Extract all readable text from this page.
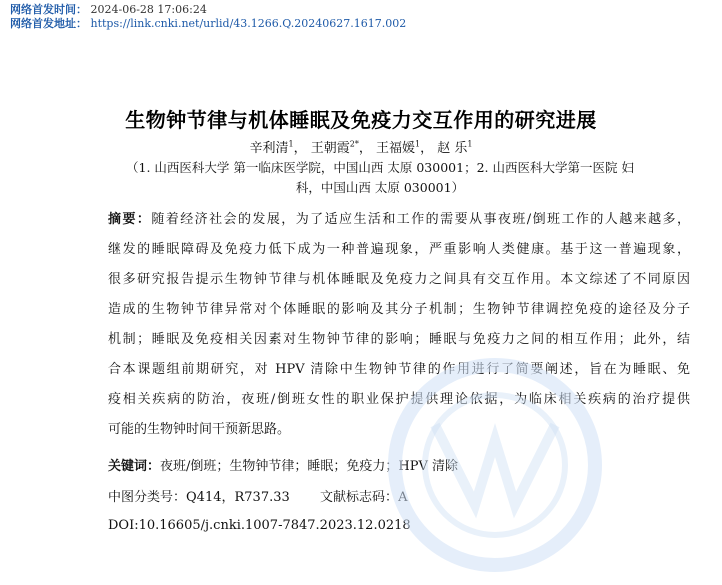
网络首发时间： 2024-06-28 17:06:24
网络首发地址： https://link.cnki.net/urlid/43.1266.Q.20240627.1617.002
生物钟节律与机体睡眠及免疫力交互作用的研究进展
辛利清$^1$， 王朝霞$^{2*}$， 王福媛$^1$， 赵 乐$^1$
（1. 山西医科大学 第一临床医学院，中国山西 太原 030001；2. 山西医科大学第一医院 妇
科，中国山西 太原 030001）
摘要：随着经济社会的发展，为了适应生活和工作的需要从事夜班/倒班工作的人越来越多，
继发的睡眠障碍及免疫力低下成为一种普遍现象，严重影响人类健康。基于这一普遍现象，
很多研究报告提示生物钟节律与机体睡眠及免疫力之间具有交互作用。本文综述了不同原因
造成的生物钟节律异常对个体睡眠的影响及其分子机制；生物钟节律调控免疫的途径及分子
机制；睡眠及免疫相关因素对生物钟节律的影响；睡眠与免疫力之间的相互作用；此外，结
合本课题组前期研究，对 HPV 清除中生物钟节律的作用进行了简要阐述，旨在为睡眠、免
疫相关疾病的防治，夜班/倒班女性的职业保护提供理论依据，为临床相关疾病的治疗提供
可能的生物钟时间干预新思路。
关键词：夜班/倒班；生物钟节律；睡眠；免疫力；HPV 清除
中图分类号：Q414，R737.33 文献标志码：A
DOI:10.16605/j.cnki.1007-7847.2023.12.0218
